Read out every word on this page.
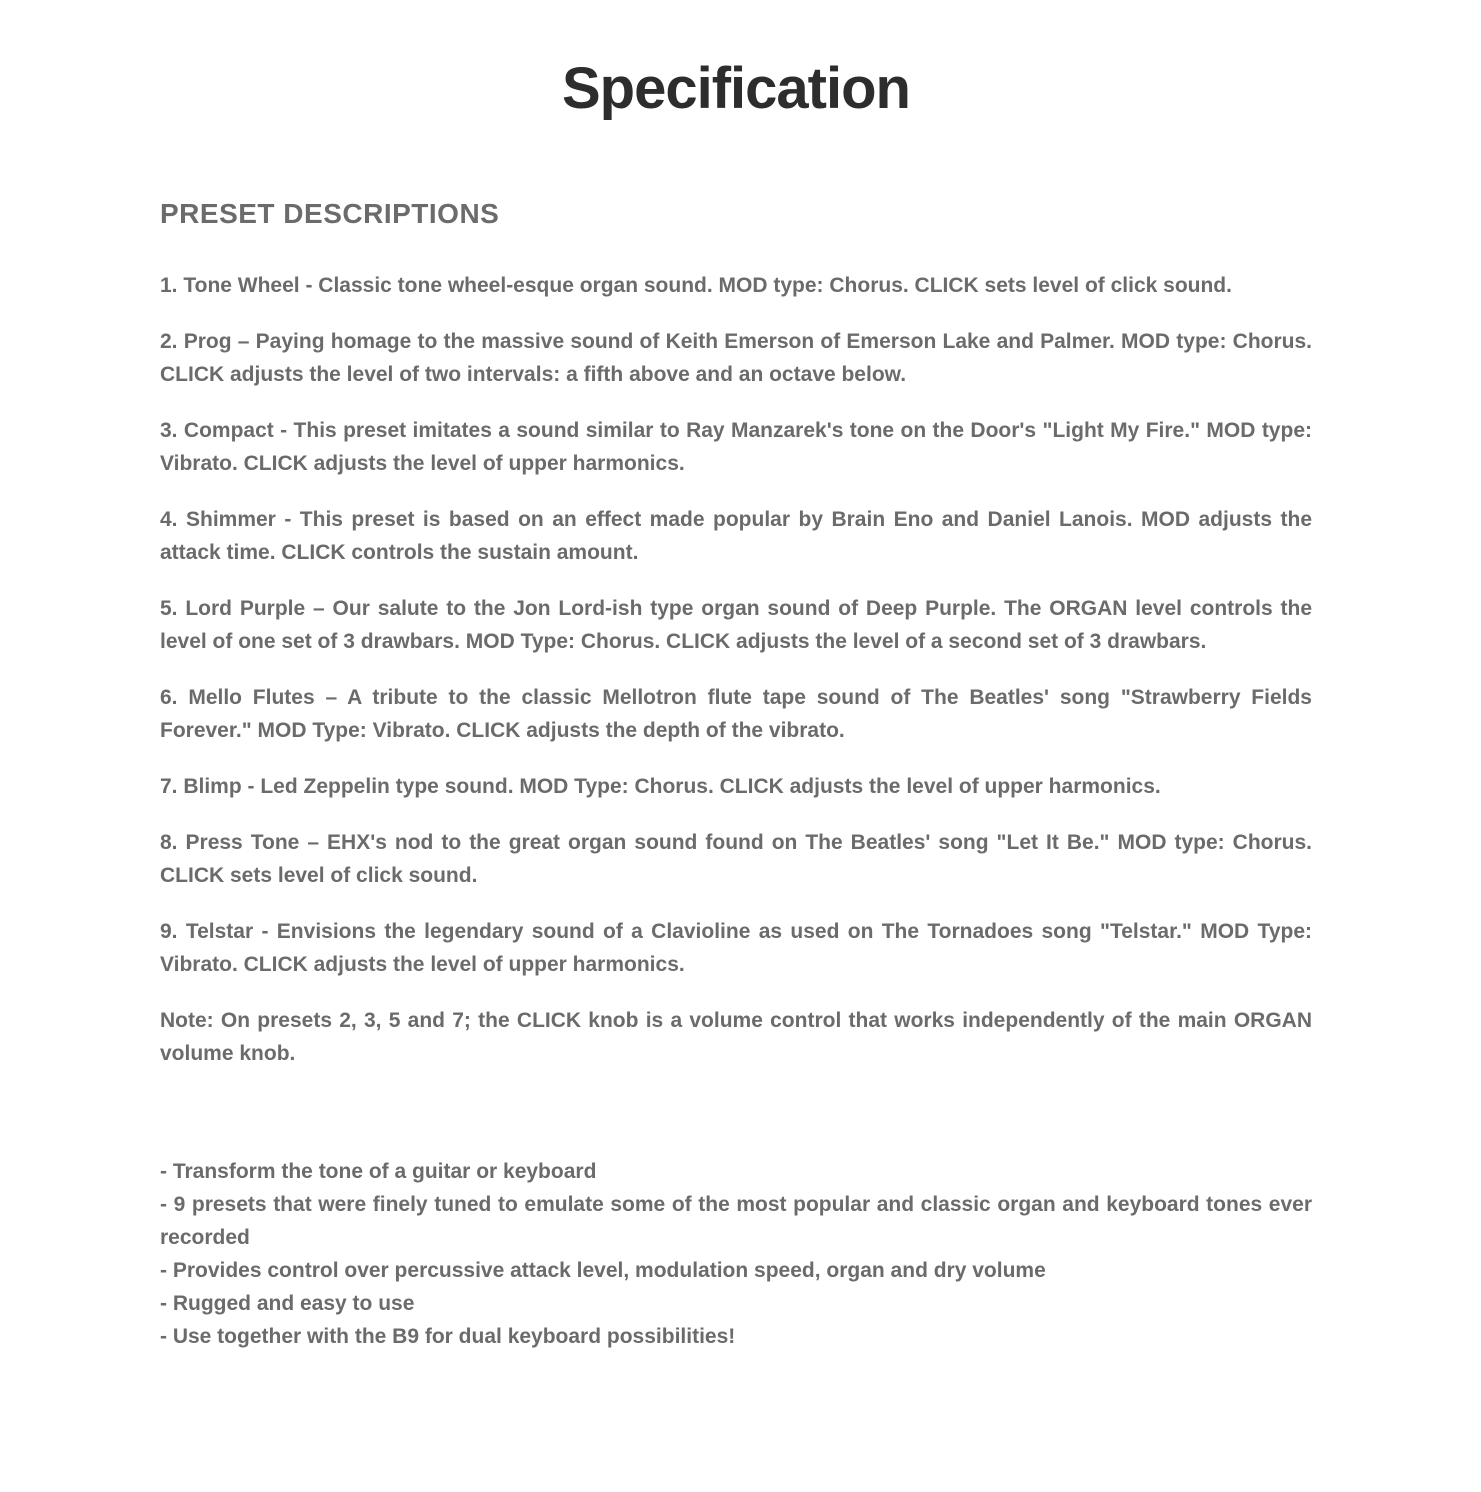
Specification
PRESET DESCRIPTIONS

1. Tone Wheel - Classic tone wheel-esque organ sound. MOD type: Chorus. CLICK sets level of click sound.

2. Prog – Paying homage to the massive sound of Keith Emerson of Emerson Lake and Palmer. MOD type: Chorus. CLICK adjusts the level of two intervals: a fifth above and an octave below.

3. Compact - This preset imitates a sound similar to Ray Manzarek's tone on the Door's "Light My Fire." MOD type: Vibrato. CLICK adjusts the level of upper harmonics.

4. Shimmer - This preset is based on an effect made popular by Brain Eno and Daniel Lanois. MOD adjusts the attack time. CLICK controls the sustain amount.

5. Lord Purple – Our salute to the Jon Lord-ish type organ sound of Deep Purple. The ORGAN level controls the level of one set of 3 drawbars. MOD Type: Chorus. CLICK adjusts the level of a second set of 3 drawbars.

6. Mello Flutes – A tribute to the classic Mellotron flute tape sound of The Beatles' song "Strawberry Fields Forever." MOD Type: Vibrato. CLICK adjusts the depth of the vibrato.

7. Blimp - Led Zeppelin type sound. MOD Type: Chorus. CLICK adjusts the level of upper harmonics.

8. Press Tone – EHX's nod to the great organ sound found on The Beatles' song "Let It Be." MOD type: Chorus. CLICK sets level of click sound.

9. Telstar - Envisions the legendary sound of a Clavioline as used on The Tornadoes song "Telstar." MOD Type: Vibrato. CLICK adjusts the level of upper harmonics.

Note: On presets 2, 3, 5 and 7; the CLICK knob is a volume control that works independently of the main ORGAN volume knob.

- Transform the tone of a guitar or keyboard
- 9 presets that were finely tuned to emulate some of the most popular and classic organ and keyboard tones ever recorded
- Provides control over percussive attack level, modulation speed, organ and dry volume
- Rugged and easy to use
- Use together with the B9 for dual keyboard possibilities!
